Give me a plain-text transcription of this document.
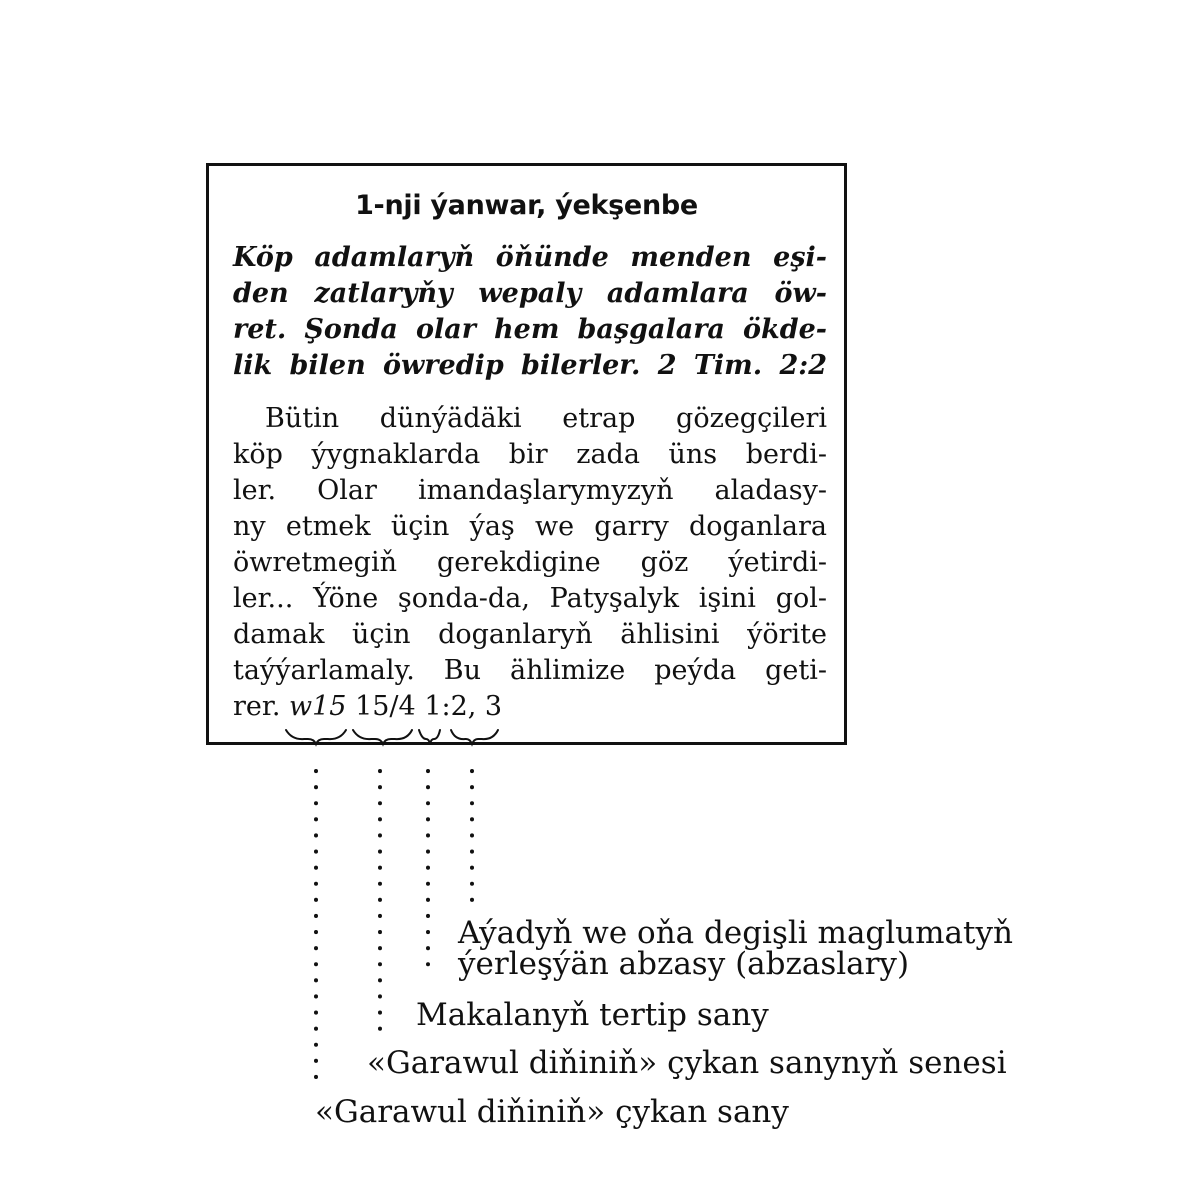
1-nji ýanwar, ýekşenbe
Köp adamlaryň öňünde menden eşi-
den zatlaryňy wepaly adamlara öw-
ret. Şonda olar hem başgalara ökde-
lik bilen öwredip bilerler. 2 Tim. 2:2
Bütin dünýädäki etrap gözegçileri
köp ýygnaklarda bir zada üns berdi-
ler. Olar imandaşlarymyzyň aladasy-
ny etmek üçin ýaş we garry doganlara
öwretmegiň gerekdigine göz ýetirdi-
ler... Ýöne şonda-da, Patyşalyk işini gol-
damak üçin doganlaryň ählisini ýörite
taýýarlamaly. Bu ählimize peýda geti-
rer. w15 15/4 1:2, 3
Aýadyň we oňa degişli maglumatyň
ýerleşýän abzasy (abzaslary)
Makalanyň tertip sany
«Garawul diňiniň» çykan sanynyň senesi
«Garawul diňiniň» çykan sany
